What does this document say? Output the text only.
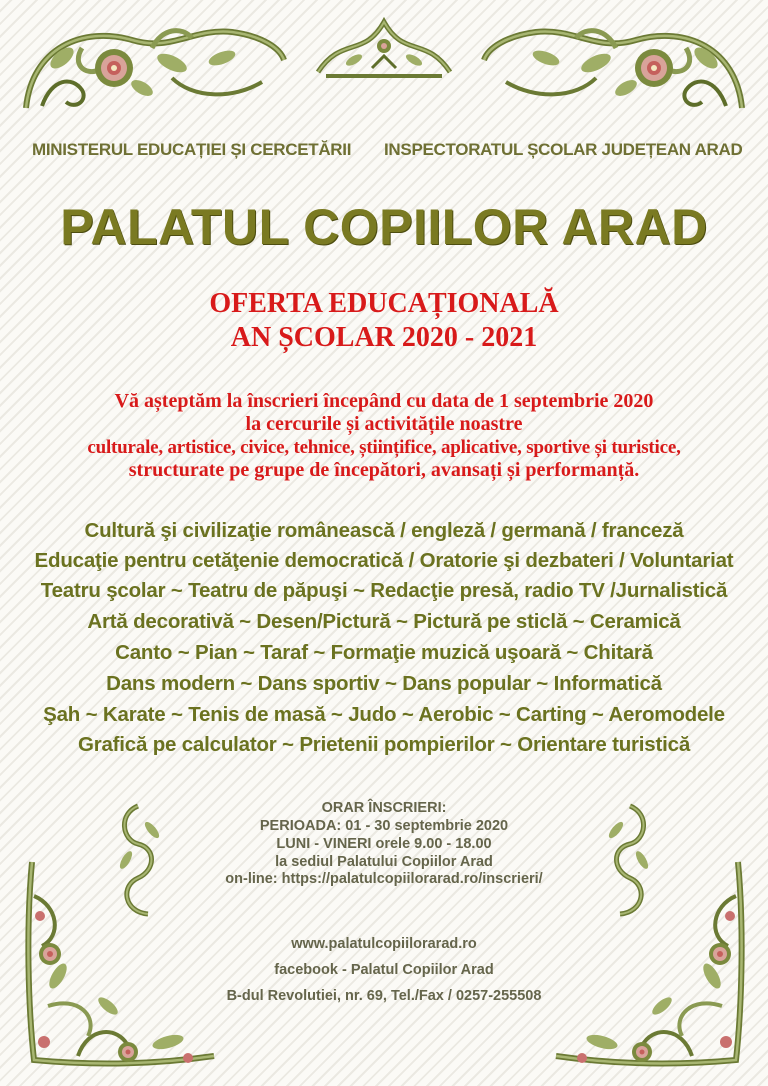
MINISTERUL EDUCAȚIEI ȘI CERCETĂRII INSPECTORATUL ȘCOLAR JUDEȚEAN ARAD
PALATUL COPIILOR ARAD
OFERTA EDUCAȚIONALĂ
AN ȘCOLAR 2020 - 2021
Vă așteptăm la înscrieri începând cu data de 1 septembrie 2020
la cercurile și activitățile noastre
culturale, artistice, civice, tehnice, științifice, aplicative, sportive și turistice,
structurate pe grupe de începători, avansați și performanță.
Cultură şi civilizaţie românească / engleză / germană / franceză
Educaţie pentru cetăţenie democratică / Oratorie şi dezbateri / Voluntariat
Teatru şcolar ~ Teatru de păpuşi ~ Redacţie presă, radio TV /Jurnalistică
Artă decorativă ~ Desen/Pictură ~ Pictură pe sticlă ~ Ceramică
Canto ~ Pian ~ Taraf ~ Formaţie muzică uşoară ~ Chitară
Dans modern ~ Dans sportiv ~ Dans popular ~ Informatică
Şah ~ Karate ~ Tenis de masă ~ Judo ~ Aerobic ~ Carting ~ Aeromodele
Grafică pe calculator ~ Prietenii pompierilor ~ Orientare turistică
ORAR ÎNSCRIERI:
PERIOADA: 01 - 30 septembrie 2020
LUNI - VINERI orele 9.00 - 18.00
la sediul Palatului Copiilor Arad
on-line: https://palatulcopiilorarad.ro/inscrieri/
www.palatulcopiilorarad.ro
facebook - Palatul Copiilor Arad
B-dul Revolutiei, nr. 69, Tel./Fax / 0257-255508
